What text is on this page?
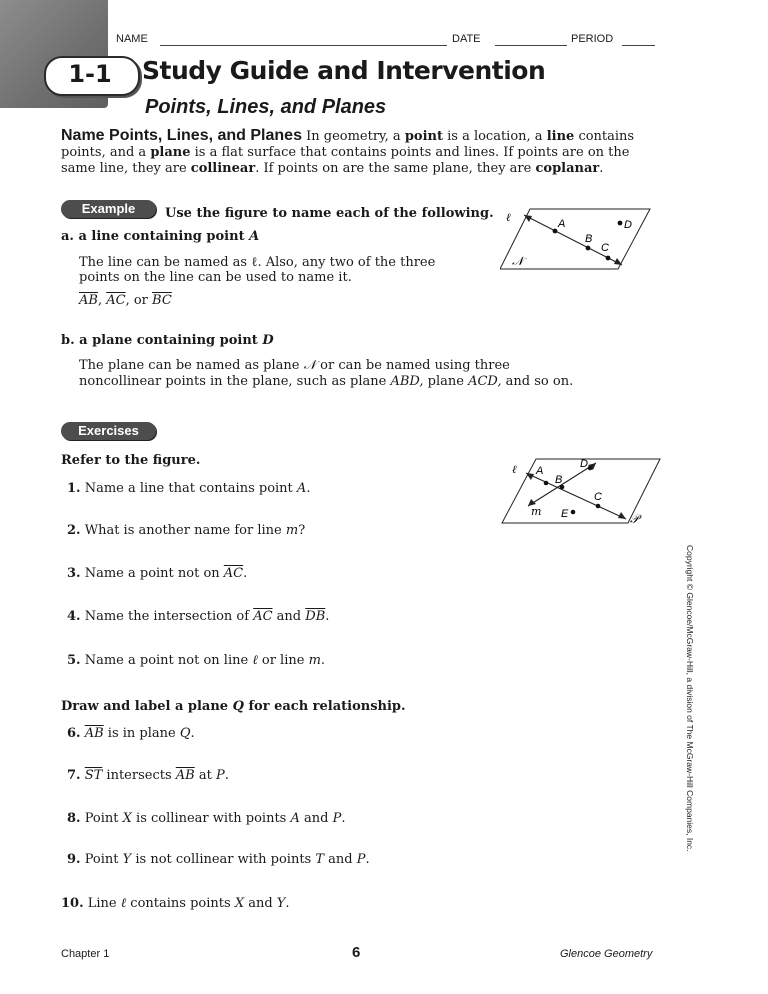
1-1	Study Guide and Intervention
Points, Lines, and Planes
NAME	DATE	PERIOD
Name Points, Lines, and Planes In geometry, a point is a location, a line contains points, and a plane is a flat surface that contains points and lines. If points are on the same line, they are collinear. If points on are the same plane, they are coplanar.
Example	Use the figure to name each of the following.
a. a line containing point A
The line can be named as ℓ. Also, any two of the three
points on the line can be used to name it.
$\overline{AB}$, $\overline{AC}$, or $\overline{BC}$
b. a plane containing point D
The plane can be named as plane 𝒩 or can be named using three
noncollinear points in the plane, such as plane ABD, plane ACD, and so on.
ℓ	A
B
C
D
𝒩
Exercises
Refer to the figure.
ℓ A
B
C
D
E
m
𝒫
1. Name a line that contains point A.
2. What is another name for line m?
3. Name a point not on $\overline{AC}$.
4. Name the intersection of $\overline{AC}$ and $\overline{DB}$.
5. Name a point not on line ℓ or line m.
Draw and label a plane Q for each relationship.
6. $\overline{AB}$ is in plane Q.
7. $\overline{ST}$ intersects $\overline{AB}$ at P.
8. Point X is collinear with points A and P.
9. Point Y is not collinear with points T and P.
10. Line ℓ contains points X and Y.
Copyright © Glencoe/McGraw-Hill, a division of The McGraw-Hill Companies, Inc.
Chapter 1	6	Glencoe Geometry
